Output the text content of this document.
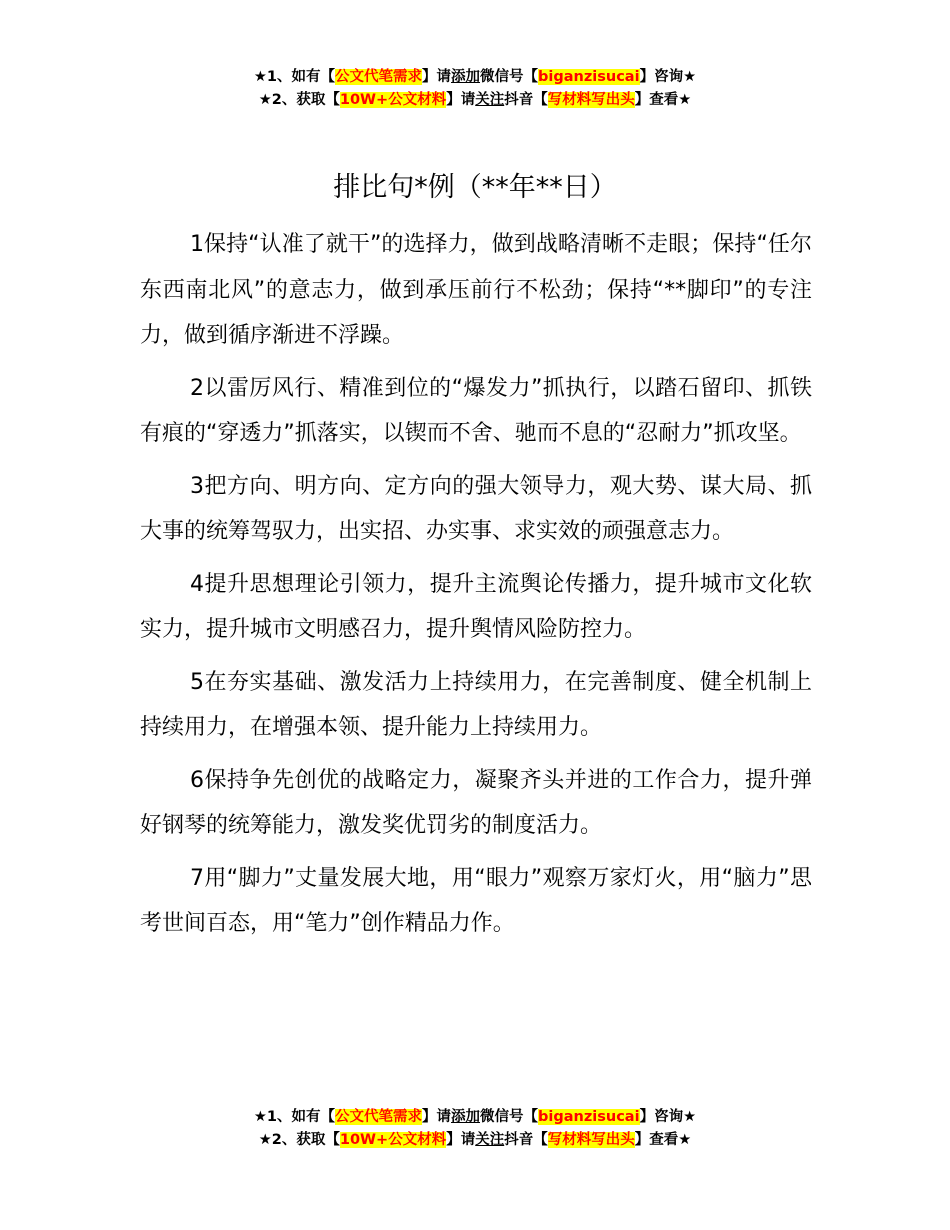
★1、如有【公文代笔需求】请添加微信号【biganzisucai】咨询★
★2、获取【10W+公文材料】请关注抖音【写材料写出头】查看★
排比句*例（**年**日）

1保持“认准了就干”的选择力，做到战略清晰不走眼；保持“任尔东西南北风”的意志力，做到承压前行不松劲；保持“**脚印”的专注力，做到循序渐进不浮躁。

2以雷厉风行、精准到位的“爆发力”抓执行，以踏石留印、抓铁有痕的“穿透力”抓落实，以锲而不舍、驰而不息的“忍耐力”抓攻坚。

3把方向、明方向、定方向的强大领导力，观大势、谋大局、抓大事的统筹驾驭力，出实招、办实事、求实效的顽强意志力。

4提升思想理论引领力，提升主流舆论传播力，提升城市文化软实力，提升城市文明感召力，提升舆情风险防控力。

5在夯实基础、激发活力上持续用力，在完善制度、健全机制上持续用力，在增强本领、提升能力上持续用力。

6保持争先创优的战略定力，凝聚齐头并进的工作合力，提升弹好钢琴的统筹能力，激发奖优罚劣的制度活力。

7用“脚力”丈量发展大地，用“眼力”观察万家灯火，用“脑力”思考世间百态，用“笔力”创作精品力作。

★1、如有【公文代笔需求】请添加微信号【biganzisucai】咨询★
★2、获取【10W+公文材料】请关注抖音【写材料写出头】查看★
